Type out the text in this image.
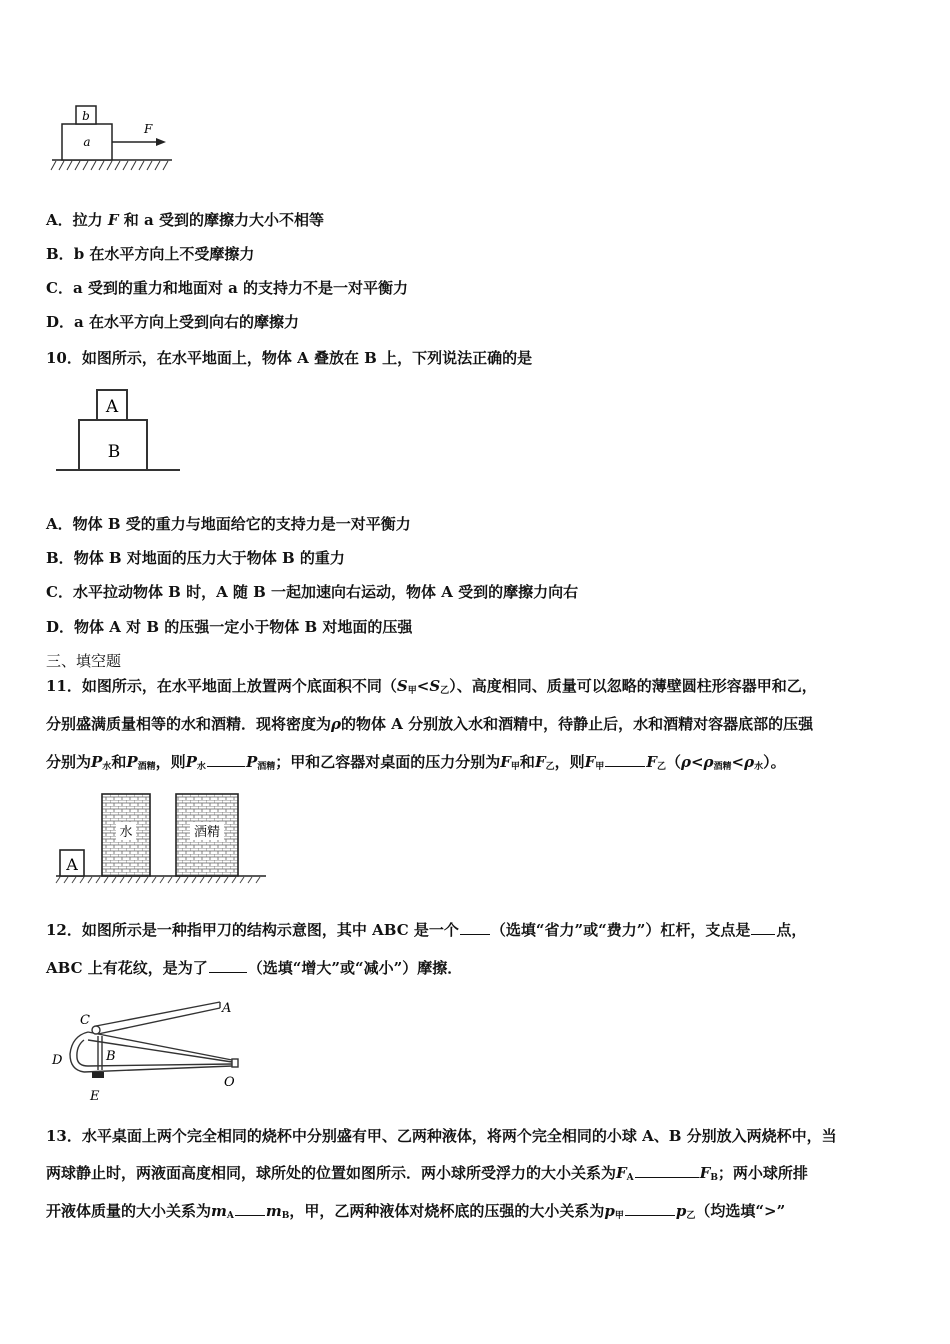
b
a
F
A．拉力 F 和 a 受到的摩擦力大小不相等
B．b 在水平方向上不受摩擦力
C．a 受到的重力和地面对 a 的支持力不是一对平衡力
D．a 在水平方向上受到向右的摩擦力
10．如图所示，在水平地面上，物体 A 叠放在 B 上，下列说法正确的是
A
B
A．物体 B 受的重力与地面给它的支持力是一对平衡力
B．物体 B 对地面的压力大于物体 B 的重力
C．水平拉动物体 B 时，A 随 B 一起加速向右运动，物体 A 受到的摩擦力向右
D．物体 A 对 B 的压强一定小于物体 B 对地面的压强
三、填空题
11．如图所示，在水平地面上放置两个底面积不同（S甲<S乙）、高度相同、质量可以忽略的薄壁圆柱形容器甲和乙，
分别盛满质量相等的水和酒精．现将密度为ρ的物体 A 分别放入水和酒精中，待静止后，水和酒精对容器底部的压强
分别为P水和P酒精，则P水	P酒精；甲和乙容器对桌面的压力分别为F甲和F乙，则F甲	F乙（ρ<ρ酒精<ρ水）。
A
水	酒精
12．如图所示是一种指甲刀的结构示意图，其中 ABC 是一个 （选填“省力”或“费力”）杠杆，支点是 点，
ABC 上有花纹，是为了	（选填“增大”或“减小”）摩擦．
C
A
D	B
O
E
13．水平桌面上两个完全相同的烧杯中分别盛有甲、乙两种液体，将两个完全相同的小球 A、B 分别放入两烧杯中，当
两球静止时，两液面高度相同，球所处的位置如图所示．两小球所受浮力的大小关系为FA	FB；两小球所排
开液体质量的大小关系为mA mB，甲，乙两种液体对烧杯底的压强的大小关系为p甲	p乙（均选填“>”
